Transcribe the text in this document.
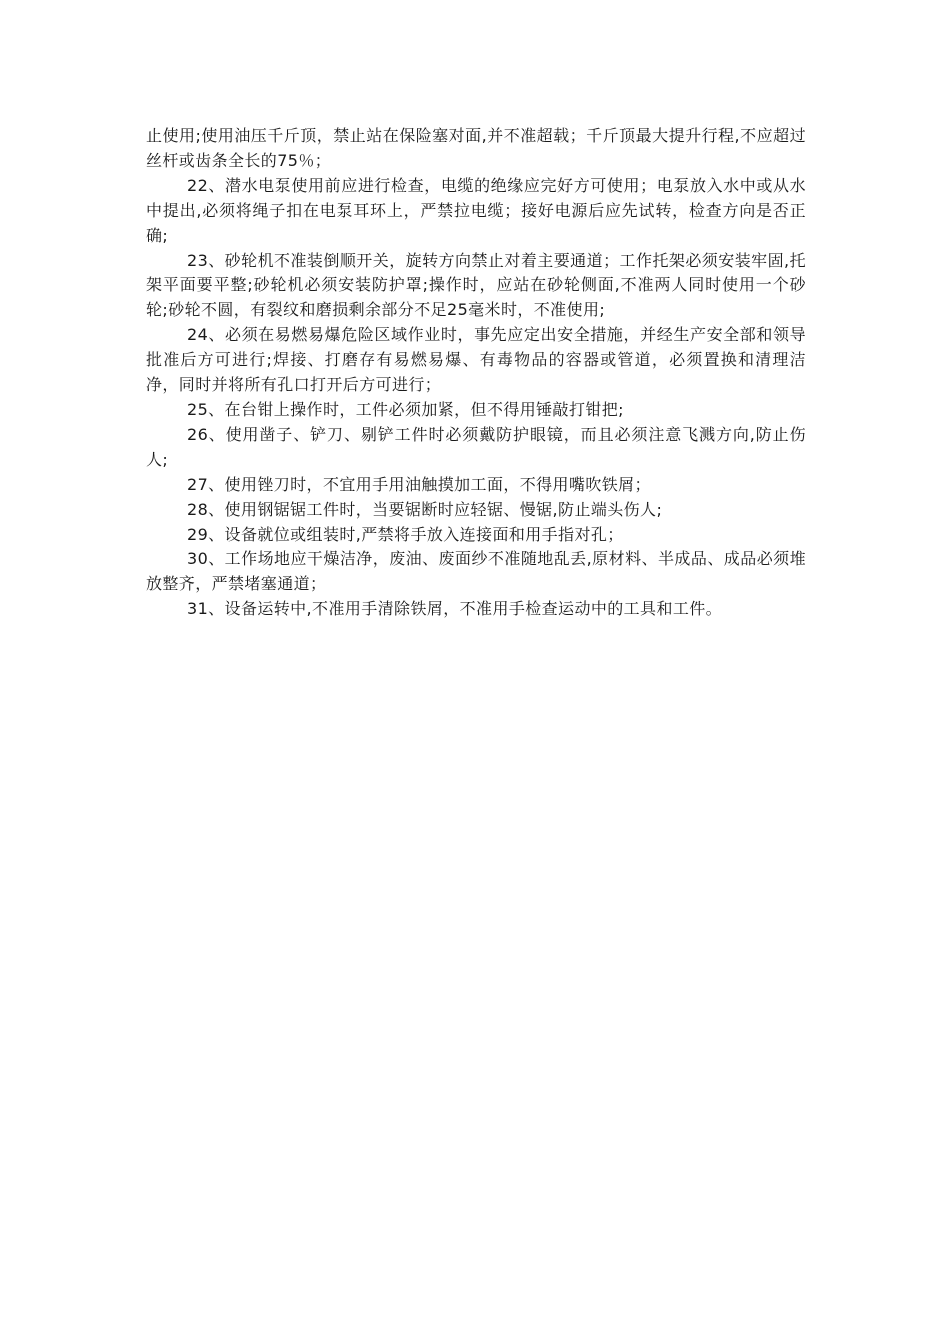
止使用;使用油压千斤顶，禁止站在保险塞对面,并不准超载；千斤顶最大提升行程,不应超过丝杆或齿条全长的75％；

22、潜水电泵使用前应进行检查，电缆的绝缘应完好方可使用；电泵放入水中或从水中提出,必须将绳子扣在电泵耳环上，严禁拉电缆；接好电源后应先试转，检查方向是否正确;

23、砂轮机不准装倒顺开关，旋转方向禁止对着主要通道；工作托架必须安装牢固,托架平面要平整;砂轮机必须安装防护罩;操作时，应站在砂轮侧面,不准两人同时使用一个砂轮;砂轮不圆，有裂纹和磨损剩余部分不足25毫米时，不准使用;

24、必须在易燃易爆危险区域作业时，事先应定出安全措施，并经生产安全部和领导批准后方可进行;焊接、打磨存有易燃易爆、有毒物品的容器或管道，必须置换和清理洁净，同时并将所有孔口打开后方可进行；

25、在台钳上操作时，工件必须加紧，但不得用锤敲打钳把;

26、使用凿子、铲刀、剔铲工件时必须戴防护眼镜，而且必须注意飞溅方向,防止伤人;

27、使用锉刀时，不宜用手用油触摸加工面，不得用嘴吹铁屑；

28、使用钢锯锯工件时，当要锯断时应轻锯、慢锯,防止端头伤人;

29、设备就位或组装时,严禁将手放入连接面和用手指对孔；

30、工作场地应干燥洁净，废油、废面纱不准随地乱丢,原材料、半成品、成品必须堆放整齐，严禁堵塞通道；

31、设备运转中,不准用手清除铁屑，不准用手检查运动中的工具和工件。
